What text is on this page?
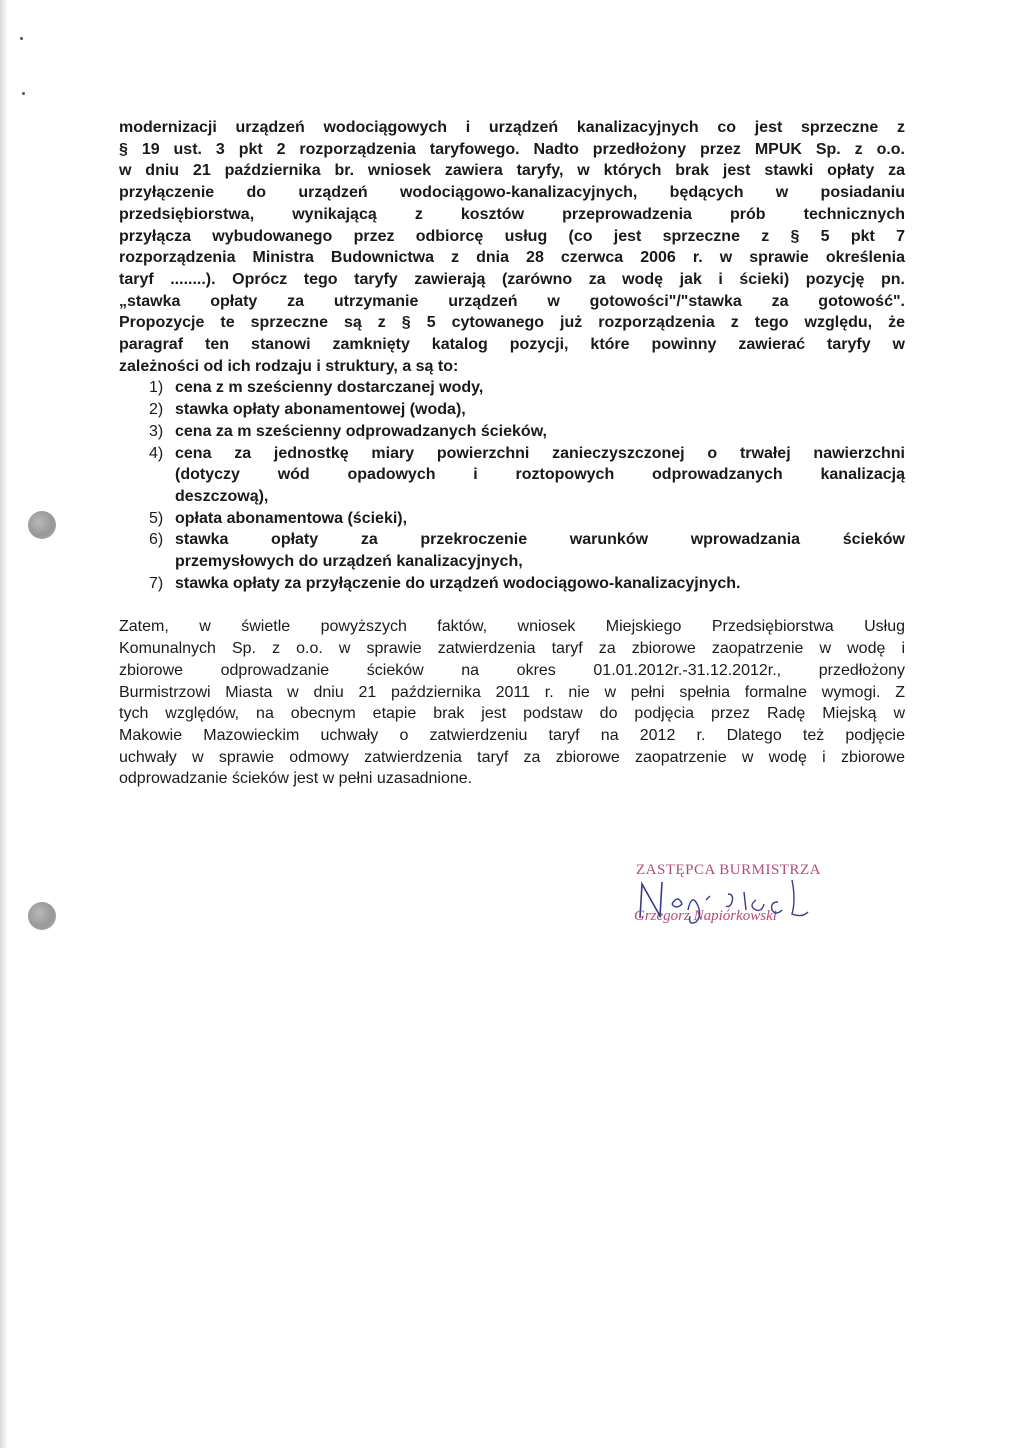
modernizacji urządzeń wodociągowych i urządzeń kanalizacyjnych co jest sprzeczne z
§ 19 ust. 3 pkt 2 rozporządzenia taryfowego. Nadto przedłożony przez MPUK Sp. z o.o.
w dniu 21 października br. wniosek zawiera taryfy, w których brak jest stawki opłaty za
przyłączenie do urządzeń wodociągowo-kanalizacyjnych, będących w posiadaniu
przedsiębiorstwa, wynikającą z kosztów przeprowadzenia prób technicznych
przyłącza wybudowanego przez odbiorcę usług (co jest sprzeczne z § 5 pkt 7
rozporządzenia Ministra Budownictwa z dnia 28 czerwca 2006 r. w sprawie określenia
taryf ........). Oprócz tego taryfy zawierają (zarówno za wodę jak i ścieki) pozycję pn.
„stawka opłaty za utrzymanie urządzeń w gotowości"/"stawka za gotowość".
Propozycje te sprzeczne są z § 5 cytowanego już rozporządzenia z tego względu, że
paragraf ten stanowi zamknięty katalog pozycji, które powinny zawierać taryfy w
zależności od ich rodzaju i struktury, a są to:
1) cena z m sześcienny dostarczanej wody,
2) stawka opłaty abonamentowej (woda),
3) cena za m sześcienny odprowadzanych ścieków,
4) cena za jednostkę miary powierzchni zanieczyszczonej o trwałej nawierzchni
(dotyczy wód opadowych i roztopowych odprowadzanych kanalizacją
deszczową),
5) opłata abonamentowa (ścieki),
6) stawka opłaty za przekroczenie warunków wprowadzania ścieków
przemysłowych do urządzeń kanalizacyjnych,
7) stawka opłaty za przyłączenie do urządzeń wodociągowo-kanalizacyjnych.
Zatem, w świetle powyższych faktów, wniosek Miejskiego Przedsiębiorstwa Usług
Komunalnych Sp. z o.o. w sprawie zatwierdzenia taryf za zbiorowe zaopatrzenie w wodę i
zbiorowe odprowadzanie ścieków na okres 01.01.2012r.-31.12.2012r., przedłożony
Burmistrzowi Miasta w dniu 21 października 2011 r. nie w pełni spełnia formalne wymogi. Z
tych względów, na obecnym etapie brak jest podstaw do podjęcia przez Radę Miejską w
Makowie Mazowieckim uchwały o zatwierdzeniu taryf na 2012 r. Dlatego też podjęcie
uchwały w sprawie odmowy zatwierdzenia taryf za zbiorowe zaopatrzenie w wodę i zbiorowe
odprowadzanie ścieków jest w pełni uzasadnione.
ZASTĘPCA BURMISTRZA
Grzegorz Napiórkowski
